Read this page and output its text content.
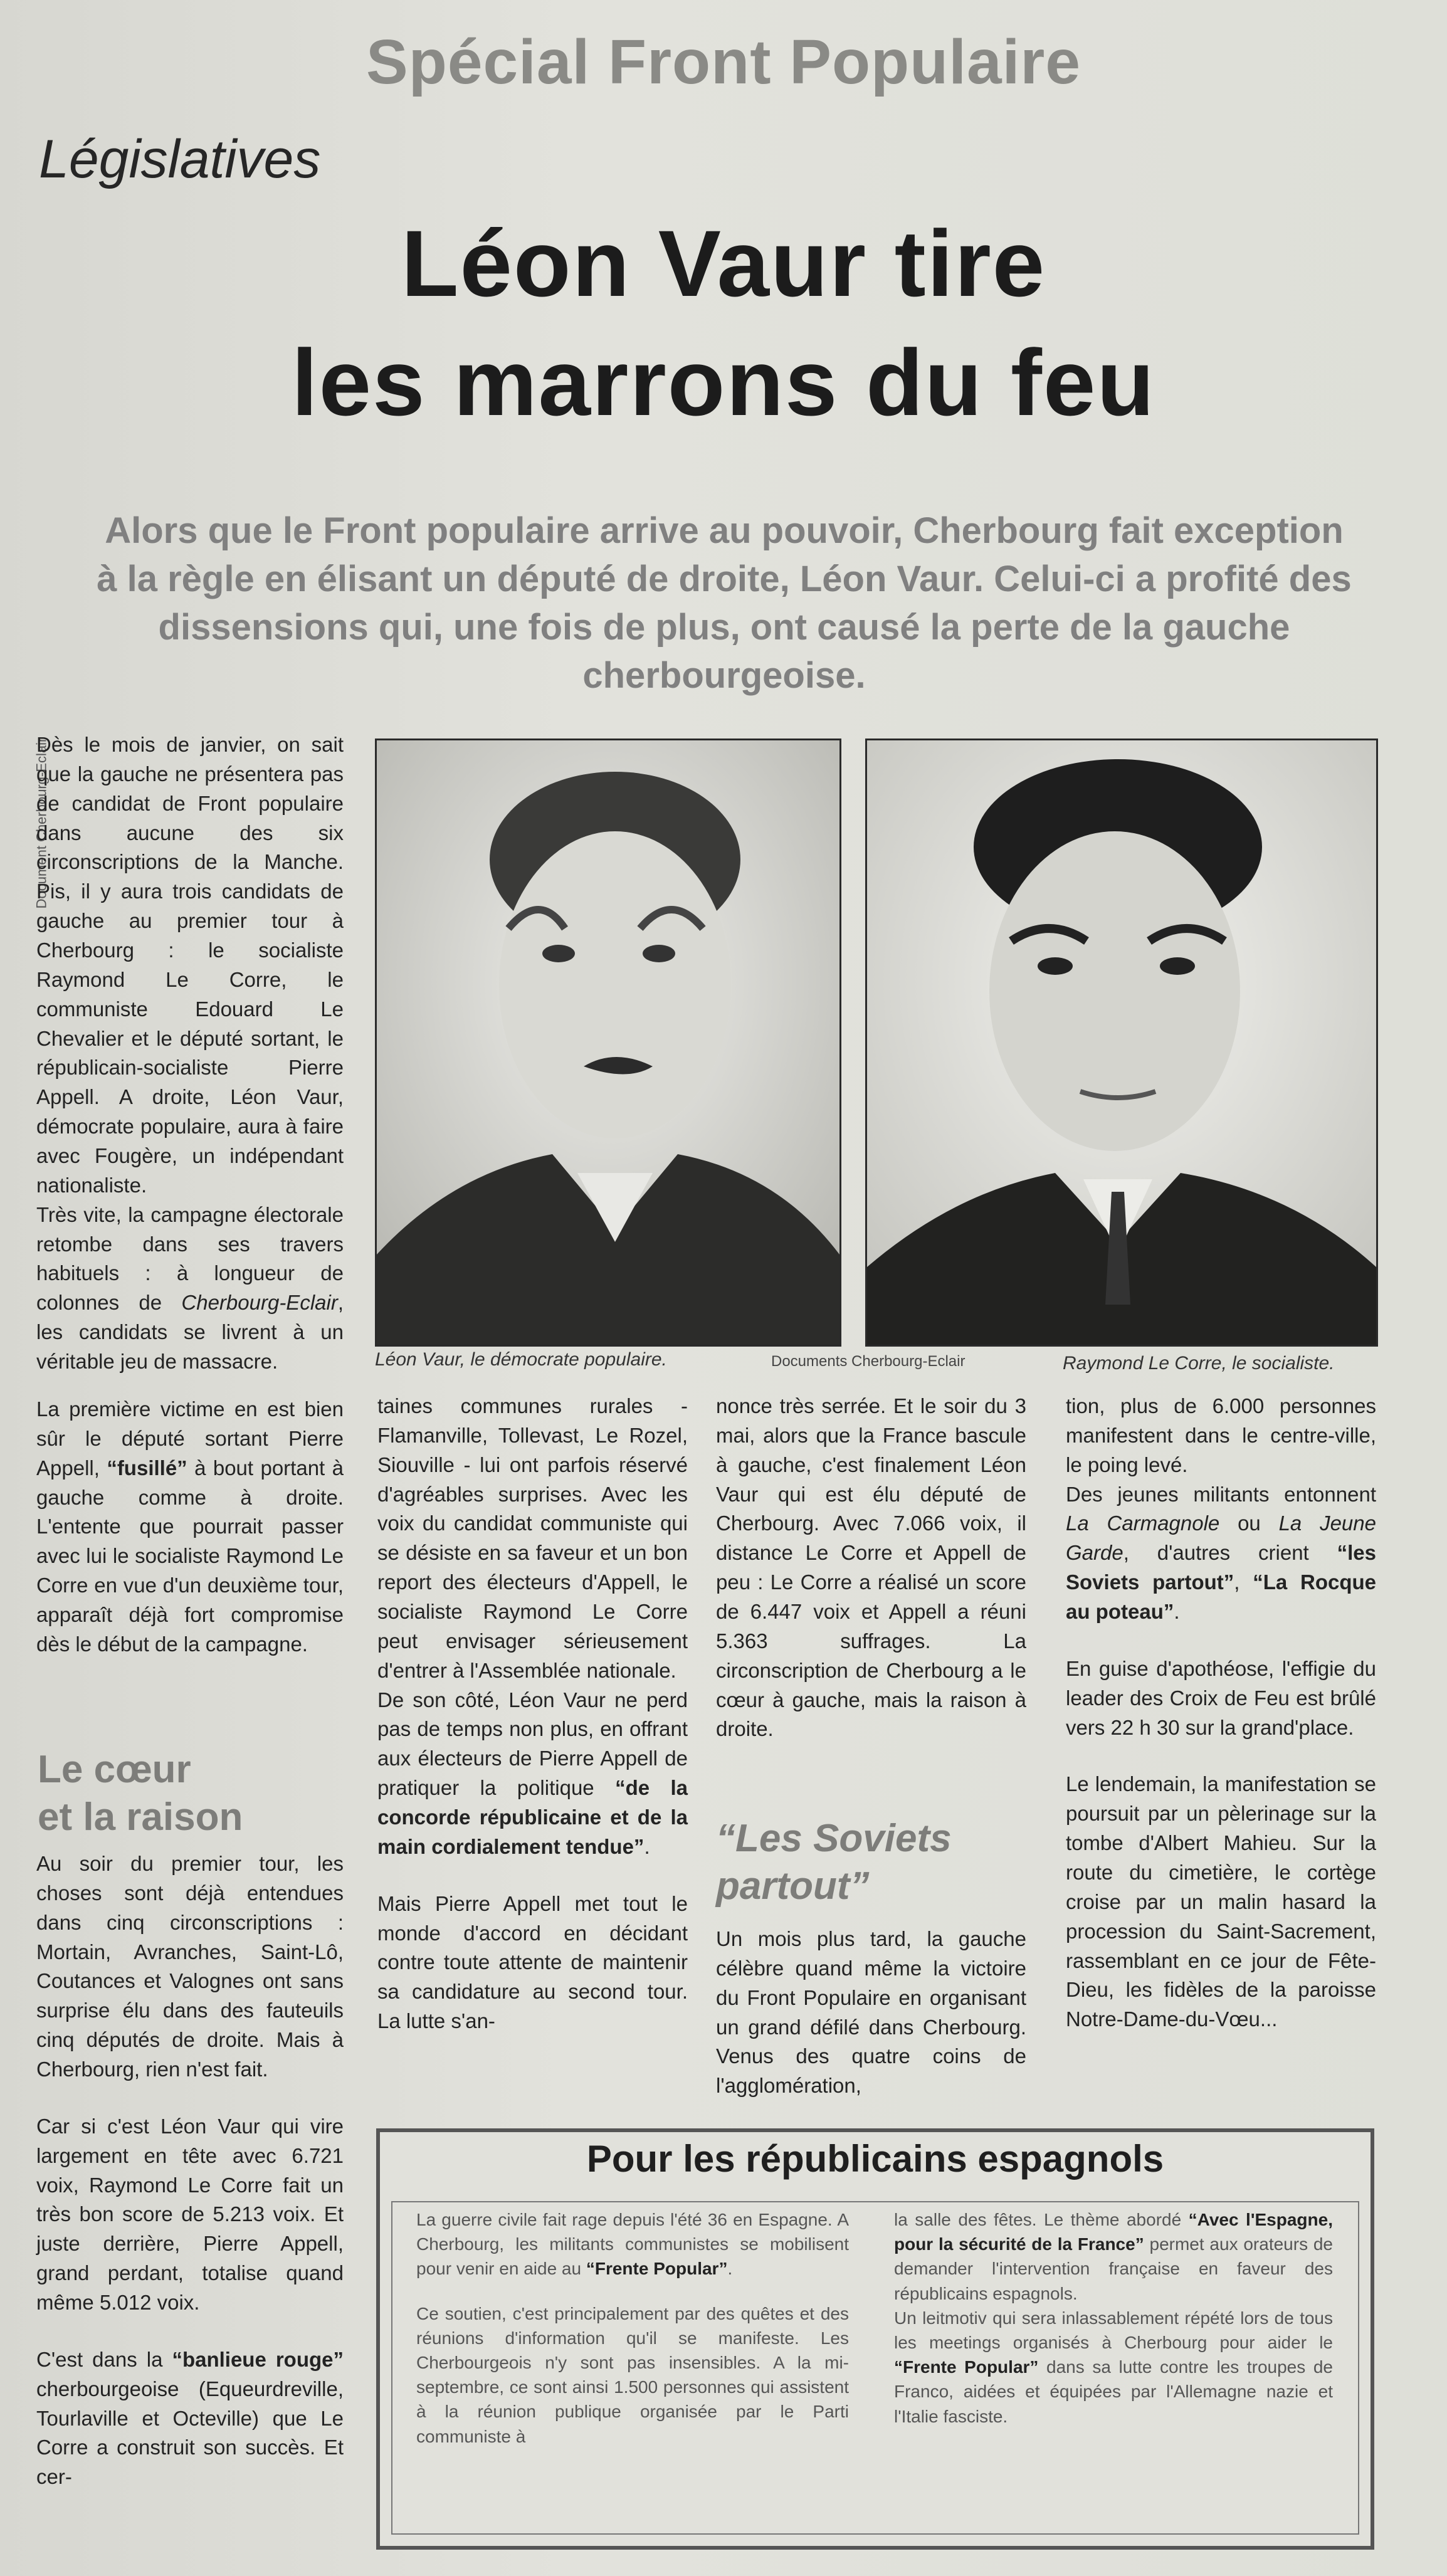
Spécial Front Populaire
Législatives
Léon Vaur tire
les marrons du feu
Alors que le Front populaire arrive au pouvoir, Cherbourg fait exception à la règle en élisant un député de droite, Léon Vaur. Celui-ci a profité des dissensions qui, une fois de plus, ont causé la perte de la gauche cherbourgeoise.
Document Cherbourg-Eclair

Dès le mois de janvier, on sait que la gauche ne présentera pas de candidat de Front populaire dans aucune des six circonscriptions de la Manche. Pis, il y aura trois candidats de gauche au premier tour à Cherbourg : le socialiste Raymond Le Corre, le communiste Edouard Le Chevalier et le député sortant, le républicain-socialiste Pierre Appell. A droite, Léon Vaur, démocrate populaire, aura à faire avec Fougère, un indépendant nationaliste.

Très vite, la campagne électorale retombe dans ses travers habituels : à longueur de colonnes de Cherbourg-Eclair, les candidats se livrent à un véritable jeu de massacre.	Léon Vaur, le démocrate populaire.	Documents Cherbourg-Eclair	Raymond Le Corre, le socialiste.

La première victime en est bien sûr le député sortant Pierre Appell, “fusillé” à bout portant à gauche comme à droite. L'entente que pourrait passer avec lui le socialiste Raymond Le Corre en vue d'un deuxième tour, apparaît déjà fort compromise dès le début de la campagne.

Le cœur
et la raison

Au soir du premier tour, les choses sont déjà entendues dans cinq circonscriptions : Mortain, Avranches, Saint-Lô, Coutances et Valognes ont sans surprise élu dans des fauteuils cinq députés de droite. Mais à Cherbourg, rien n'est fait.

Car si c'est Léon Vaur qui vire largement en tête avec 6.721 voix, Raymond Le Corre fait un très bon score de 5.213 voix. Et juste derrière, Pierre Appell, grand perdant, totalise quand même 5.012 voix.

C'est dans la “banlieue rouge” cherbourgeoise (Equeurdreville, Tourlaville et Octeville) que Le Corre a construit son succès. Et cer-

taines communes rurales - Flamanville, Tollevast, Le Rozel, Siouville - lui ont parfois réservé d'agréables surprises. Avec les voix du candidat communiste qui se désiste en sa faveur et un bon report des électeurs d'Appell, le socialiste Raymond Le Corre peut envisager sérieusement d'entrer à l'Assemblée nationale.

De son côté, Léon Vaur ne perd pas de temps non plus, en offrant aux électeurs de Pierre Appell de pratiquer la politique “de la concorde républicaine et de la main cordialement tendue”.

Mais Pierre Appell met tout le monde d'accord en décidant contre toute attente de maintenir sa candidature au second tour. La lutte s'an-

nonce très serrée. Et le soir du 3 mai, alors que la France bascule à gauche, c'est finalement Léon Vaur qui est élu député de Cherbourg. Avec 7.066 voix, il distance Le Corre et Appell de peu : Le Corre a réalisé un score de 6.447 voix et Appell a réuni 5.363 suffrages. La circonscription de Cherbourg a le cœur à gauche, mais la raison à droite.

“Les Soviets
partout”

Un mois plus tard, la gauche célèbre quand même la victoire du Front Populaire en organisant un grand défilé dans Cherbourg. Venus des quatre coins de l'agglomération,

tion, plus de 6.000 personnes manifestent dans le centre-ville, le poing levé.

Des jeunes militants entonnent La Carmagnole ou La Jeune Garde, d'autres crient “les Soviets partout”, “La Rocque au poteau”.

En guise d'apothéose, l'effigie du leader des Croix de Feu est brûlé vers 22 h 30 sur la grand'place.

Le lendemain, la manifestation se poursuit par un pèlerinage sur la tombe d'Albert Mahieu. Sur la route du cimetière, le cortège croise par un malin hasard la procession du Saint-Sacrement, rassemblant en ce jour de Fête-Dieu, les fidèles de la paroisse Notre-Dame-du-Vœu...

Pour les républicains espagnols

La guerre civile fait rage depuis l'été 36 en Espagne. A Cherbourg, les militants communistes se mobilisent pour venir en aide au “Frente Popular”.

Ce soutien, c'est principalement par des quêtes et des réunions d'information qu'il se manifeste. Les Cherbourgeois n'y sont pas insensibles. A la mi-septembre, ce sont ainsi 1.500 personnes qui assistent à la réunion publique organisée par le Parti communiste à

la salle des fêtes. Le thème abordé “Avec l'Espagne, pour la sécurité de la France” permet aux orateurs de demander l'intervention française en faveur des républicains espagnols.

Un leitmotiv qui sera inlassablement répété lors de tous les meetings organisés à Cherbourg pour aider le “Frente Popular” dans sa lutte contre les troupes de Franco, aidées et équipées par l'Allemagne nazie et l'Italie fasciste.
